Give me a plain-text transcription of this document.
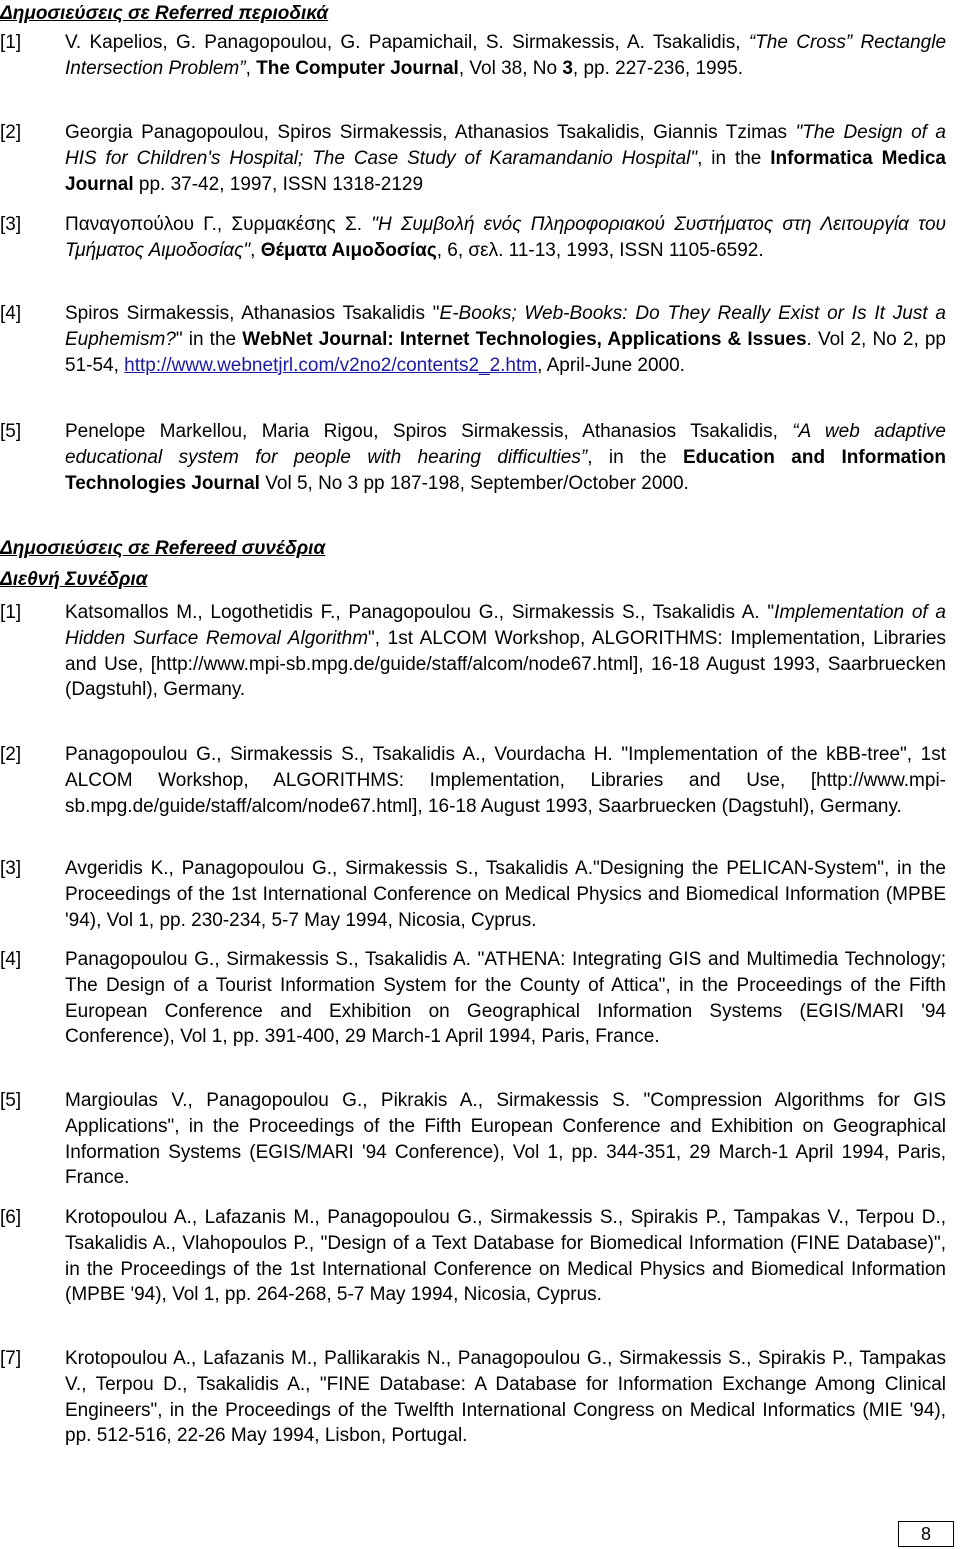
Δημοσιεύσεις σε Referred περιοδικά
[1]	V. Kapelios, G. Panagopoulou, G. Papamichail, S. Sirmakessis, A. Tsakalidis, “The Cross” Rectangle Intersection Problem”, The Computer Journal, Vol 38, No 3, pp. 227-236, 1995.
[2]	Georgia Panagopoulou, Spiros Sirmakessis, Athanasios Tsakalidis, Giannis Tzimas "The Design of a HIS for Children's Hospital; The Case Study of Karamandanio Hospital", in the Informatica Medica Journal pp. 37-42, 1997, ISSN 1318-2129
[3]	Παναγοπούλου Γ., Συρμακέσης Σ. "Η Συμβολή ενός Πληροφοριακού Συστήματος στη Λειτουργία του Τμήματος Αιμοδοσίας", Θέματα Αιμοδοσίας, 6, σελ. 11-13, 1993, ISSN 1105-6592.
[4]	Spiros Sirmakessis, Athanasios Tsakalidis "E-Books; Web-Books: Do They Really Exist or Is It Just a Euphemism?" in the WebNet Journal: Internet Technologies, Applications & Issues. Vol 2, No 2, pp 51-54, http://www.webnetjrl.com/v2no2/contents2_2.htm, April-June 2000.
[5]	Penelope Markellou, Maria Rigou, Spiros Sirmakessis, Athanasios Tsakalidis, “A web adaptive educational system for people with hearing difficulties”, in the Education and Information Technologies Journal Vol 5, No 3 pp 187-198, September/October 2000.
Δημοσιεύσεις σε Refereed συνέδρια
Διεθνή Συνέδρια
[1]	Katsomallos M., Logothetidis F., Panagopoulou G., Sirmakessis S., Tsakalidis A. "Implementation of a Hidden Surface Removal Algorithm", 1st ALCOM Workshop, ALGORITHMS: Implementation, Libraries and Use, [http://www.mpi-sb.mpg.de/guide/staff/alcom/node67.html], 16-18 August 1993, Saarbruecken (Dagstuhl), Germany.
[2]	Panagopoulou G., Sirmakessis S., Tsakalidis A., Vourdacha H. "Implementation of the kBB-tree", 1st ALCOM Workshop, ALGORITHMS: Implementation, Libraries and Use, [http://www.mpi-sb.mpg.de/guide/staff/alcom/node67.html], 16-18 August 1993, Saarbruecken (Dagstuhl), Germany.
[3]	Avgeridis K., Panagopoulou G., Sirmakessis S., Tsakalidis A."Designing the PELICAN-System", in the Proceedings of the 1st International Conference on Medical Physics and Biomedical Information (MPBE '94), Vol 1, pp. 230-234, 5-7 May 1994, Nicosia, Cyprus.
[4]	Panagopoulou G., Sirmakessis S., Tsakalidis A. "ATHENA: Integrating GIS and Multimedia Technology; The Design of a Tourist Information System for the County of Attica", in the Proceedings of the Fifth European Conference and Exhibition on Geographical Information Systems (EGIS/MARI '94 Conference), Vol 1, pp. 391-400, 29 March-1 April 1994, Paris, France.
[5]	Margioulas V., Panagopoulou G., Pikrakis A., Sirmakessis S. "Compression Algorithms for GIS Applications", in the Proceedings of the Fifth European Conference and Exhibition on Geographical Information Systems (EGIS/MARI '94 Conference), Vol 1, pp. 344-351, 29 March-1 April 1994, Paris, France.
[6]	Krotopoulou A., Lafazanis M., Panagopoulou G., Sirmakessis S., Spirakis P., Tampakas V., Terpou D., Tsakalidis A., Vlahopoulos P., "Design of a Text Database for Biomedical Information (FINE Database)", in the Proceedings of the 1st International Conference on Medical Physics and Biomedical Information (MPBE '94), Vol 1, pp. 264-268, 5-7 May 1994, Nicosia, Cyprus.
[7]	Krotopoulou A., Lafazanis M., Pallikarakis N., Panagopoulou G., Sirmakessis S., Spirakis P., Tampakas V., Terpou D., Tsakalidis A., "FINE Database: A Database for Information Exchange Among Clinical Engineers", in the Proceedings of the Twelfth International Congress on Medical Informatics (MIE '94), pp. 512-516, 22-26 May 1994, Lisbon, Portugal.
8
